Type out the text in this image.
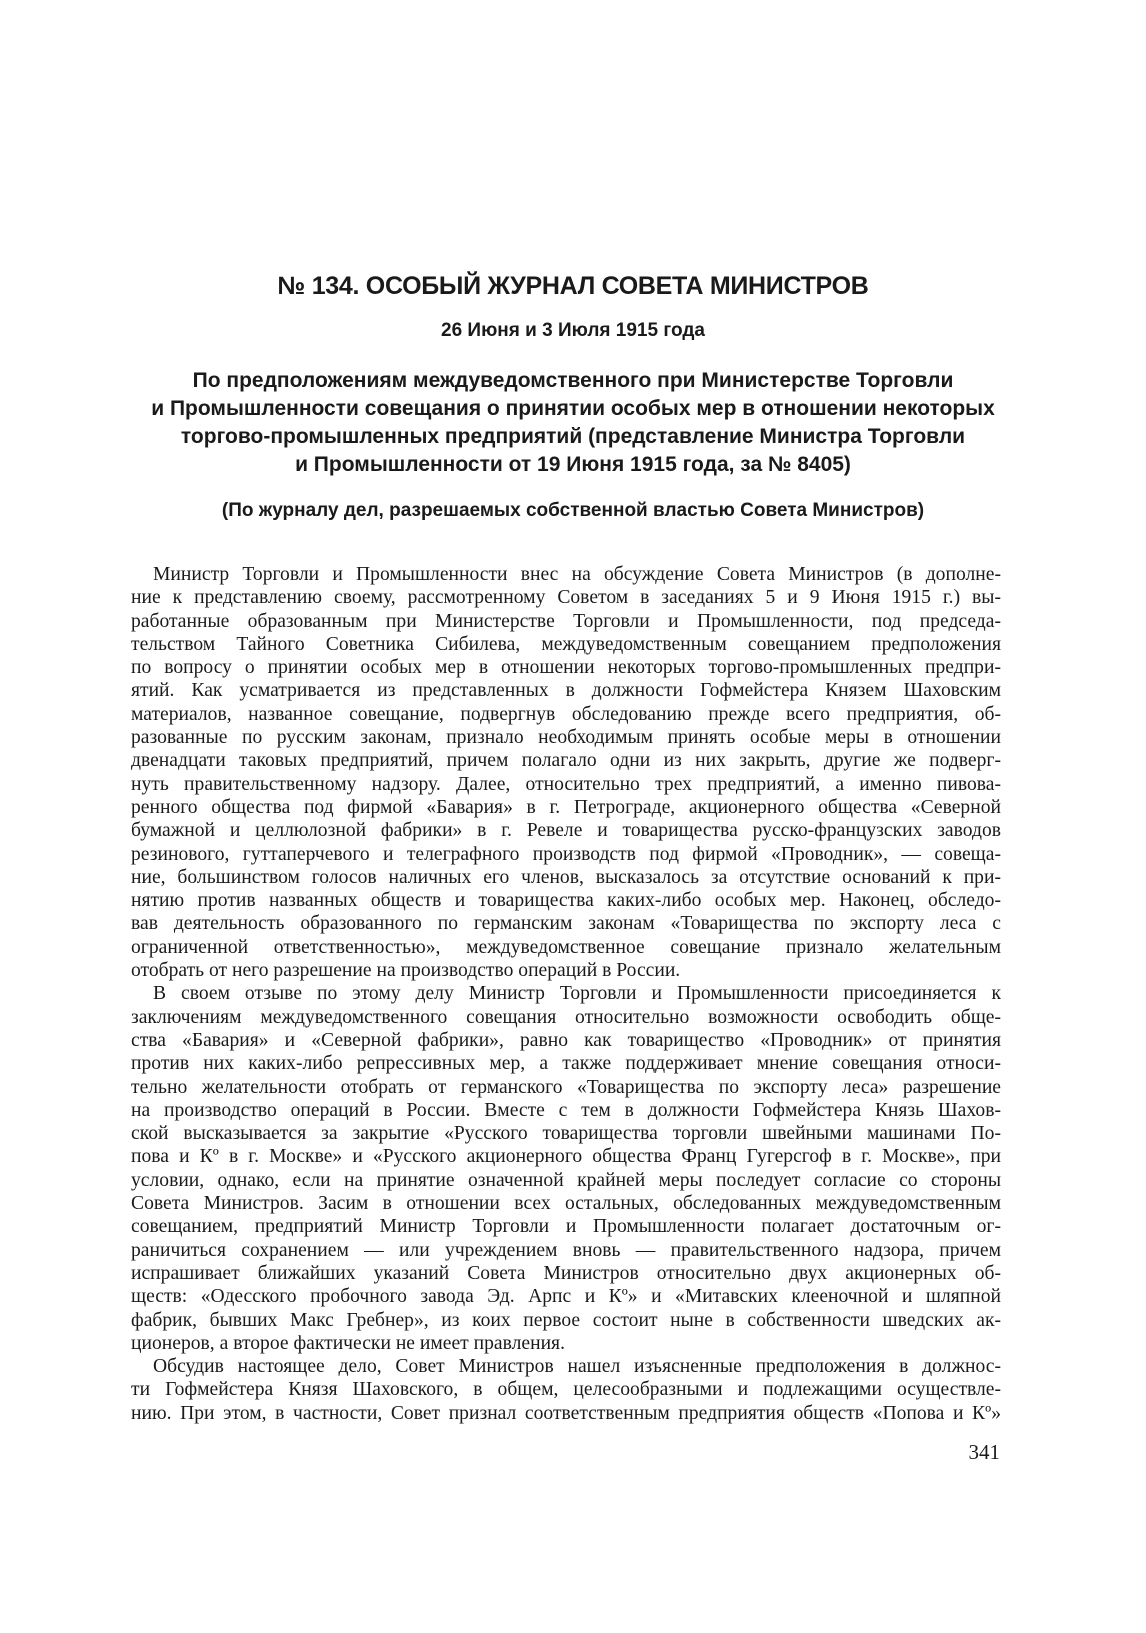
№ 134. ОСОБЫЙ ЖУРНАЛ СОВЕТА МИНИСТРОВ
26 Июня и 3 Июля 1915 года
По предположениям междуведомственного при Министерстве Торговли
и Промышленности совещания о принятии особых мер в отношении некоторых
торгово-промышленных предприятий (представление Министра Торговли
и Промышленности от 19 Июня 1915 года, за № 8405)
(По журналу дел, разрешаемых собственной властью Совета Министров)
Министр Торговли и Промышленности внес на обсуждение Совета Министров (в дополне-
ние к представлению своему, рассмотренному Советом в заседаниях 5 и 9 Июня 1915 г.) вы-
работанные образованным при Министерстве Торговли и Промышленности, под председа-
тельством Тайного Советника Сибилева, междуведомственным совещанием предположения
по вопросу о принятии особых мер в отношении некоторых торгово-промышленных предпри-
ятий. Как усматривается из представленных в должности Гофмейстера Князем Шаховским
материалов, названное совещание, подвергнув обследованию прежде всего предприятия, об-
разованные по русским законам, признало необходимым принять особые меры в отношении
двенадцати таковых предприятий, причем полагало одни из них закрыть, другие же подверг-
нуть правительственному надзору. Далее, относительно трех предприятий, а именно пивова-
ренного общества под фирмой «Бавария» в г. Петрограде, акционерного общества «Северной
бумажной и целлюлозной фабрики» в г. Ревеле и товарищества русско-французских заводов
резинового, гуттаперчевого и телеграфного производств под фирмой «Проводник», — совеща-
ние, большинством голосов наличных его членов, высказалось за отсутствие оснований к при-
нятию против названных обществ и товарищества каких-либо особых мер. Наконец, обследо-
вав деятельность образованного по германским законам «Товарищества по экспорту леса с
ограниченной ответственностью», междуведомственное совещание признало желательным
отобрать от него разрешение на производство операций в России.
В своем отзыве по этому делу Министр Торговли и Промышленности присоединяется к
заключениям междуведомственного совещания относительно возможности освободить обще-
ства «Бавария» и «Северной фабрики», равно как товарищество «Проводник» от принятия
против них каких-либо репрессивных мер, а также поддерживает мнение совещания относи-
тельно желательности отобрать от германского «Товарищества по экспорту леса» разрешение
на производство операций в России. Вместе с тем в должности Гофмейстера Князь Шахов-
ской высказывается за закрытие «Русского товарищества торговли швейными машинами По-
пова и Кº в г. Москве» и «Русского акционерного общества Франц Гугерсгоф в г. Москве», при
условии, однако, если на принятие означенной крайней меры последует согласие со стороны
Совета Министров. Засим в отношении всех остальных, обследованных междуведомственным
совещанием, предприятий Министр Торговли и Промышленности полагает достаточным ог-
раничиться сохранением — или учреждением вновь — правительственного надзора, причем
испрашивает ближайших указаний Совета Министров относительно двух акционерных об-
ществ: «Одесского пробочного завода Эд. Арпс и Кº» и «Митавских клееночной и шляпной
фабрик, бывших Макс Гребнер», из коих первое состоит ныне в собственности шведских ак-
ционеров, а второе фактически не имеет правления.
Обсудив настоящее дело, Совет Министров нашел изъясненные предположения в должнос-
ти Гофмейстера Князя Шаховского, в общем, целесообразными и подлежащими осуществле-
нию. При этом, в частности, Совет признал соответственным предприятия обществ «Попова и Кº»
341
